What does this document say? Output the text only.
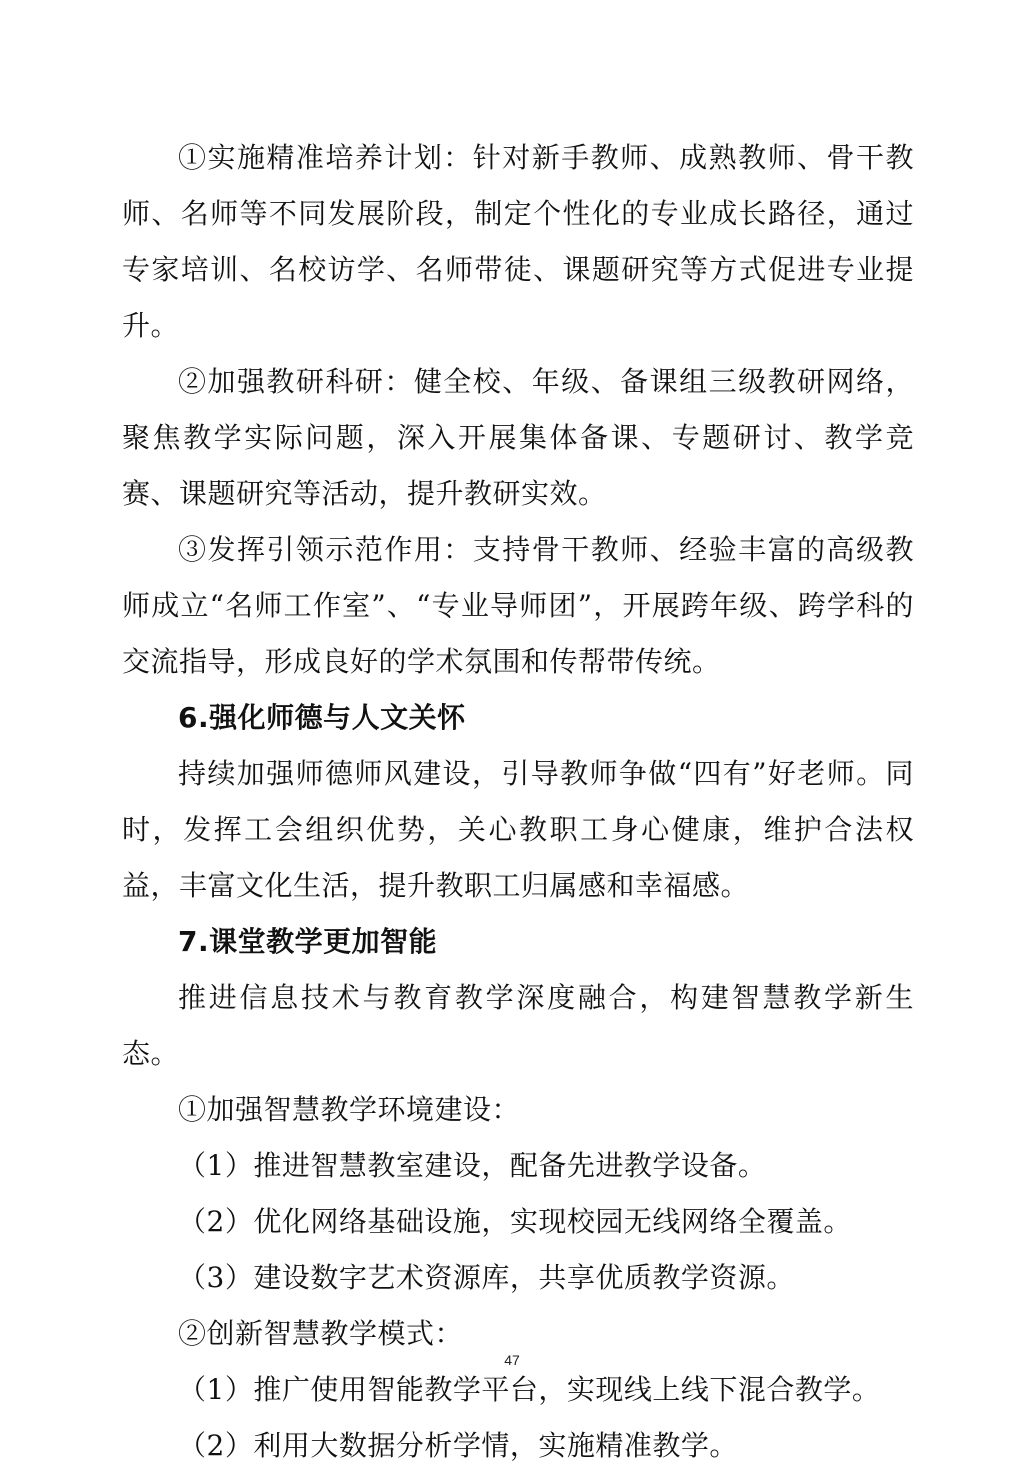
①实施精准培养计划：针对新手教师、成熟教师、骨干教师、名师等不同发展阶段，制定个性化的专业成长路径，通过专家培训、名校访学、名师带徒、课题研究等方式促进专业提升。

②加强教研科研：健全校、年级、备课组三级教研网络，聚焦教学实际问题，深入开展集体备课、专题研讨、教学竞赛、课题研究等活动，提升教研实效。

③发挥引领示范作用：支持骨干教师、经验丰富的高级教师成立“名师工作室”、“专业导师团”，开展跨年级、跨学科的交流指导，形成良好的学术氛围和传帮带传统。

6.强化师德与人文关怀

持续加强师德师风建设，引导教师争做“四有”好老师。同时，发挥工会组织优势，关心教职工身心健康，维护合法权益，丰富文化生活，提升教职工归属感和幸福感。

7.课堂教学更加智能

推进信息技术与教育教学深度融合，构建智慧教学新生态。

①加强智慧教学环境建设：

（1）推进智慧教室建设，配备先进教学设备。

（2）优化网络基础设施，实现校园无线网络全覆盖。

（3）建设数字艺术资源库，共享优质教学资源。

②创新智慧教学模式：

（1）推广使用智能教学平台，实现线上线下混合教学。

（2）利用大数据分析学情，实施精准教学。

47
